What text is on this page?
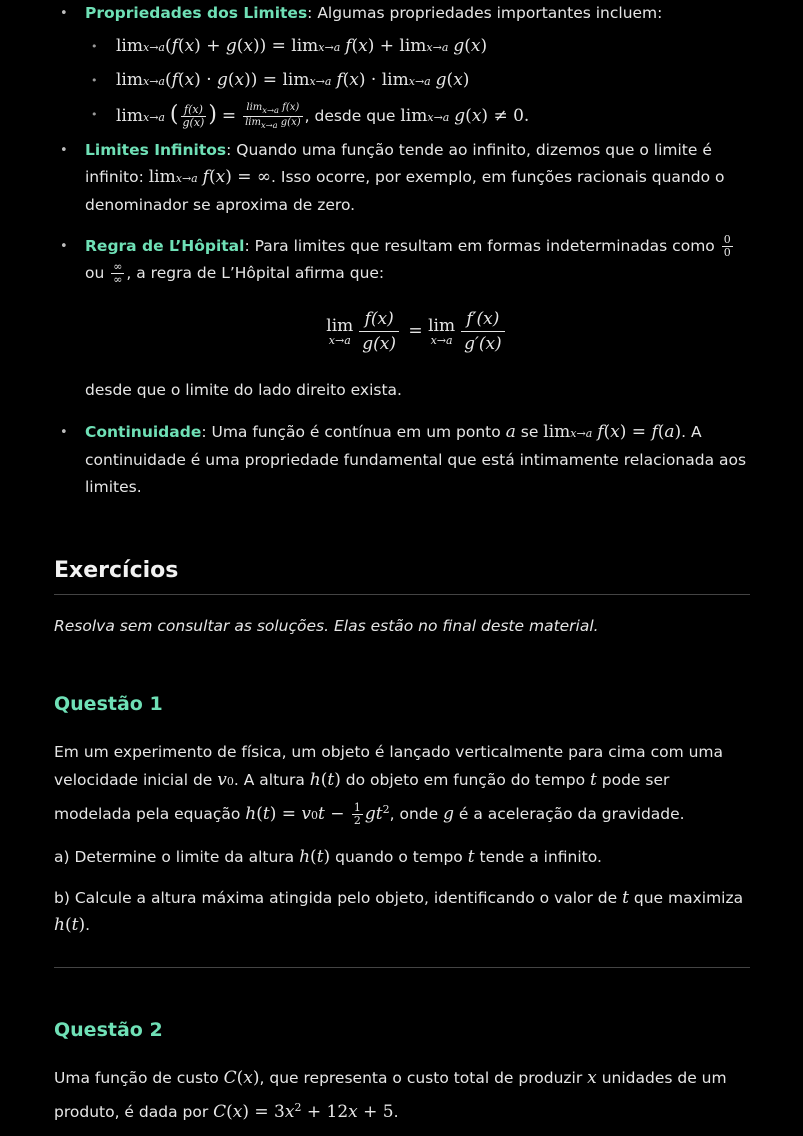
• Propriedades dos Limites: Algumas propriedades importantes incluem:
• limx→a(f(x) + g(x)) = limx→a f(x) + limx→a g(x)
• limx→a(f(x) · g(x)) = limx→a f(x) · limx→a g(x)
• limx→a ( $\frac{f(x)}{g(x)}$ ) = $\frac{\lim_{x\to a} f(x)}{\lim_{x\to a} g(x)}$ , desde que limx→a g(x) ≠ 0.
• Limites Infinitos: Quando uma função tende ao infinito, dizemos que o limite é infinito: limx→a f(x) = ∞. Isso ocorre, por exemplo, em funções racionais quando o denominador se aproxima de zero.
• Regra de L’Hôpital: Para limites que resultam em formas indeterminadas como $\frac{0}{0}$
ou $\frac{\infty}{\infty}$ , a regra de L’Hôpital afirma que:
lim
$x\to a \frac{f(x)}{g(x)} = \lim$
$x\to a \frac{f'(x)}{g'(x)}$

desde que o limite do lado direito exista.

• Continuidade: Uma função é contínua em um ponto a se limx→a f(x) = f(a). A continuidade é uma propriedade fundamental que está intimamente relacionada aos limites.
Exercícios

Resolva sem consultar as soluções. Elas estão no final deste material.

Questão 1

Em um experimento de física, um objeto é lançado verticalmente para cima com uma velocidade inicial de v0. A altura h(t) do objeto em função do tempo t pode ser modelada pela equação $h(t) = v0t - \frac{1}{2} gt^2$, onde g é a aceleração da gravidade.

a) Determine o limite da altura h(t) quando o tempo t tende a infinito.

b) Calcule a altura máxima atingida pelo objeto, identificando o valor de t que maximiza h(t).

Questão 2

Uma função de custo C(x), que representa o custo total de produzir x unidades de um produto, é dada por $C(x) = 3x^2 + 12x + 5$.
